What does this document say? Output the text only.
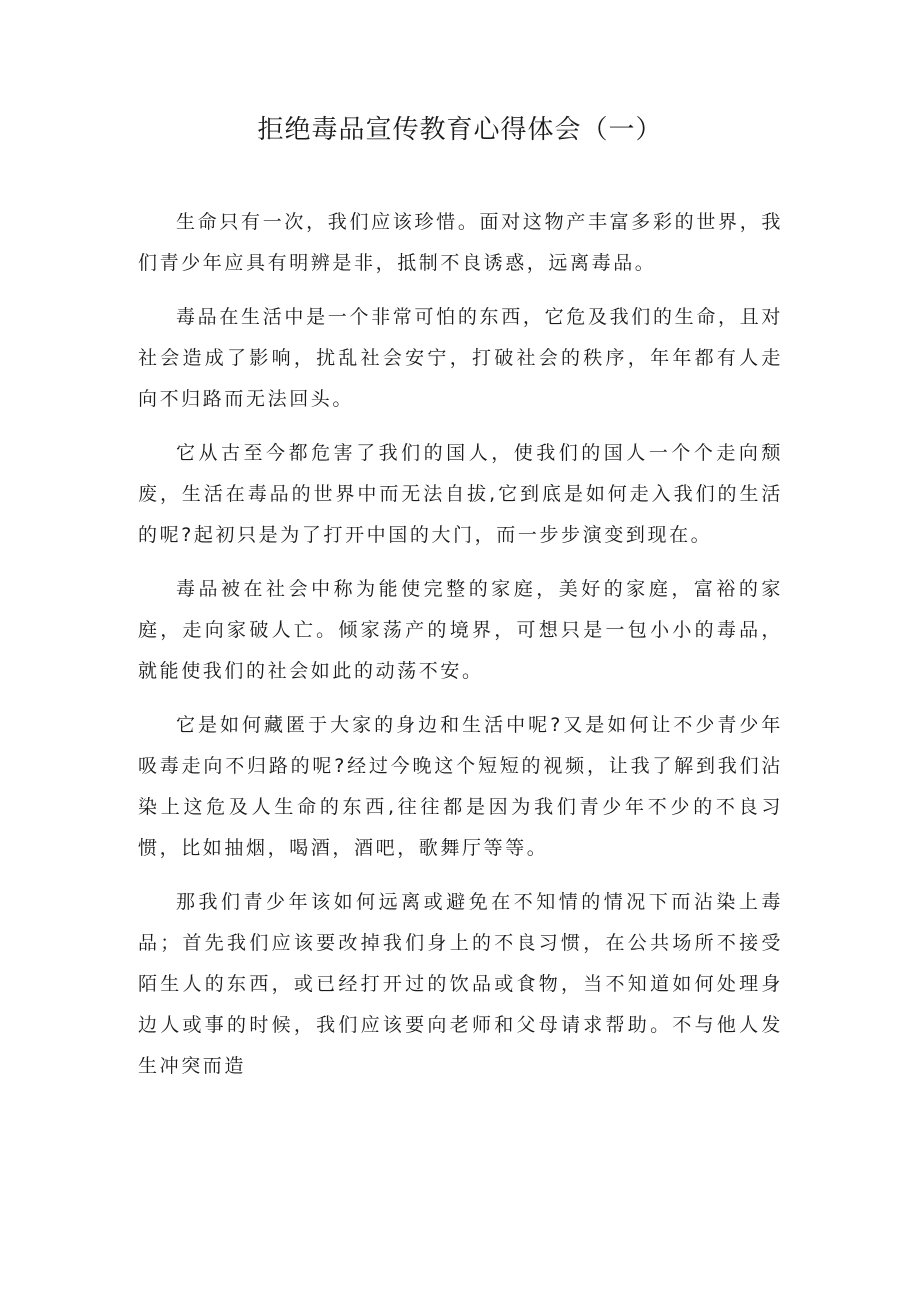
拒绝毒品宣传教育心得体会（一）

生命只有一次，我们应该珍惜。面对这物产丰富多彩的世界，我们青少年应具有明辨是非，抵制不良诱惑，远离毒品。

毒品在生活中是一个非常可怕的东西，它危及我们的生命，且对社会造成了影响，扰乱社会安宁，打破社会的秩序，年年都有人走向不归路而无法回头。

它从古至今都危害了我们的国人，使我们的国人一个个走向颓废，生活在毒品的世界中而无法自拔,它到底是如何走入我们的生活的呢?起初只是为了打开中国的大门，而一步步演变到现在。

毒品被在社会中称为能使完整的家庭，美好的家庭，富裕的家庭，走向家破人亡。倾家荡产的境界，可想只是一包小小的毒品，就能使我们的社会如此的动荡不安。

它是如何藏匿于大家的身边和生活中呢?又是如何让不少青少年吸毒走向不归路的呢?经过今晚这个短短的视频，让我了解到我们沾染上这危及人生命的东西,往往都是因为我们青少年不少的不良习惯，比如抽烟，喝酒，酒吧，歌舞厅等等。

那我们青少年该如何远离或避免在不知情的情况下而沾染上毒品；首先我们应该要改掉我们身上的不良习惯，在公共场所不接受陌生人的东西，或已经打开过的饮品或食物，当不知道如何处理身边人或事的时候，我们应该要向老师和父母请求帮助。不与他人发生冲突而造
